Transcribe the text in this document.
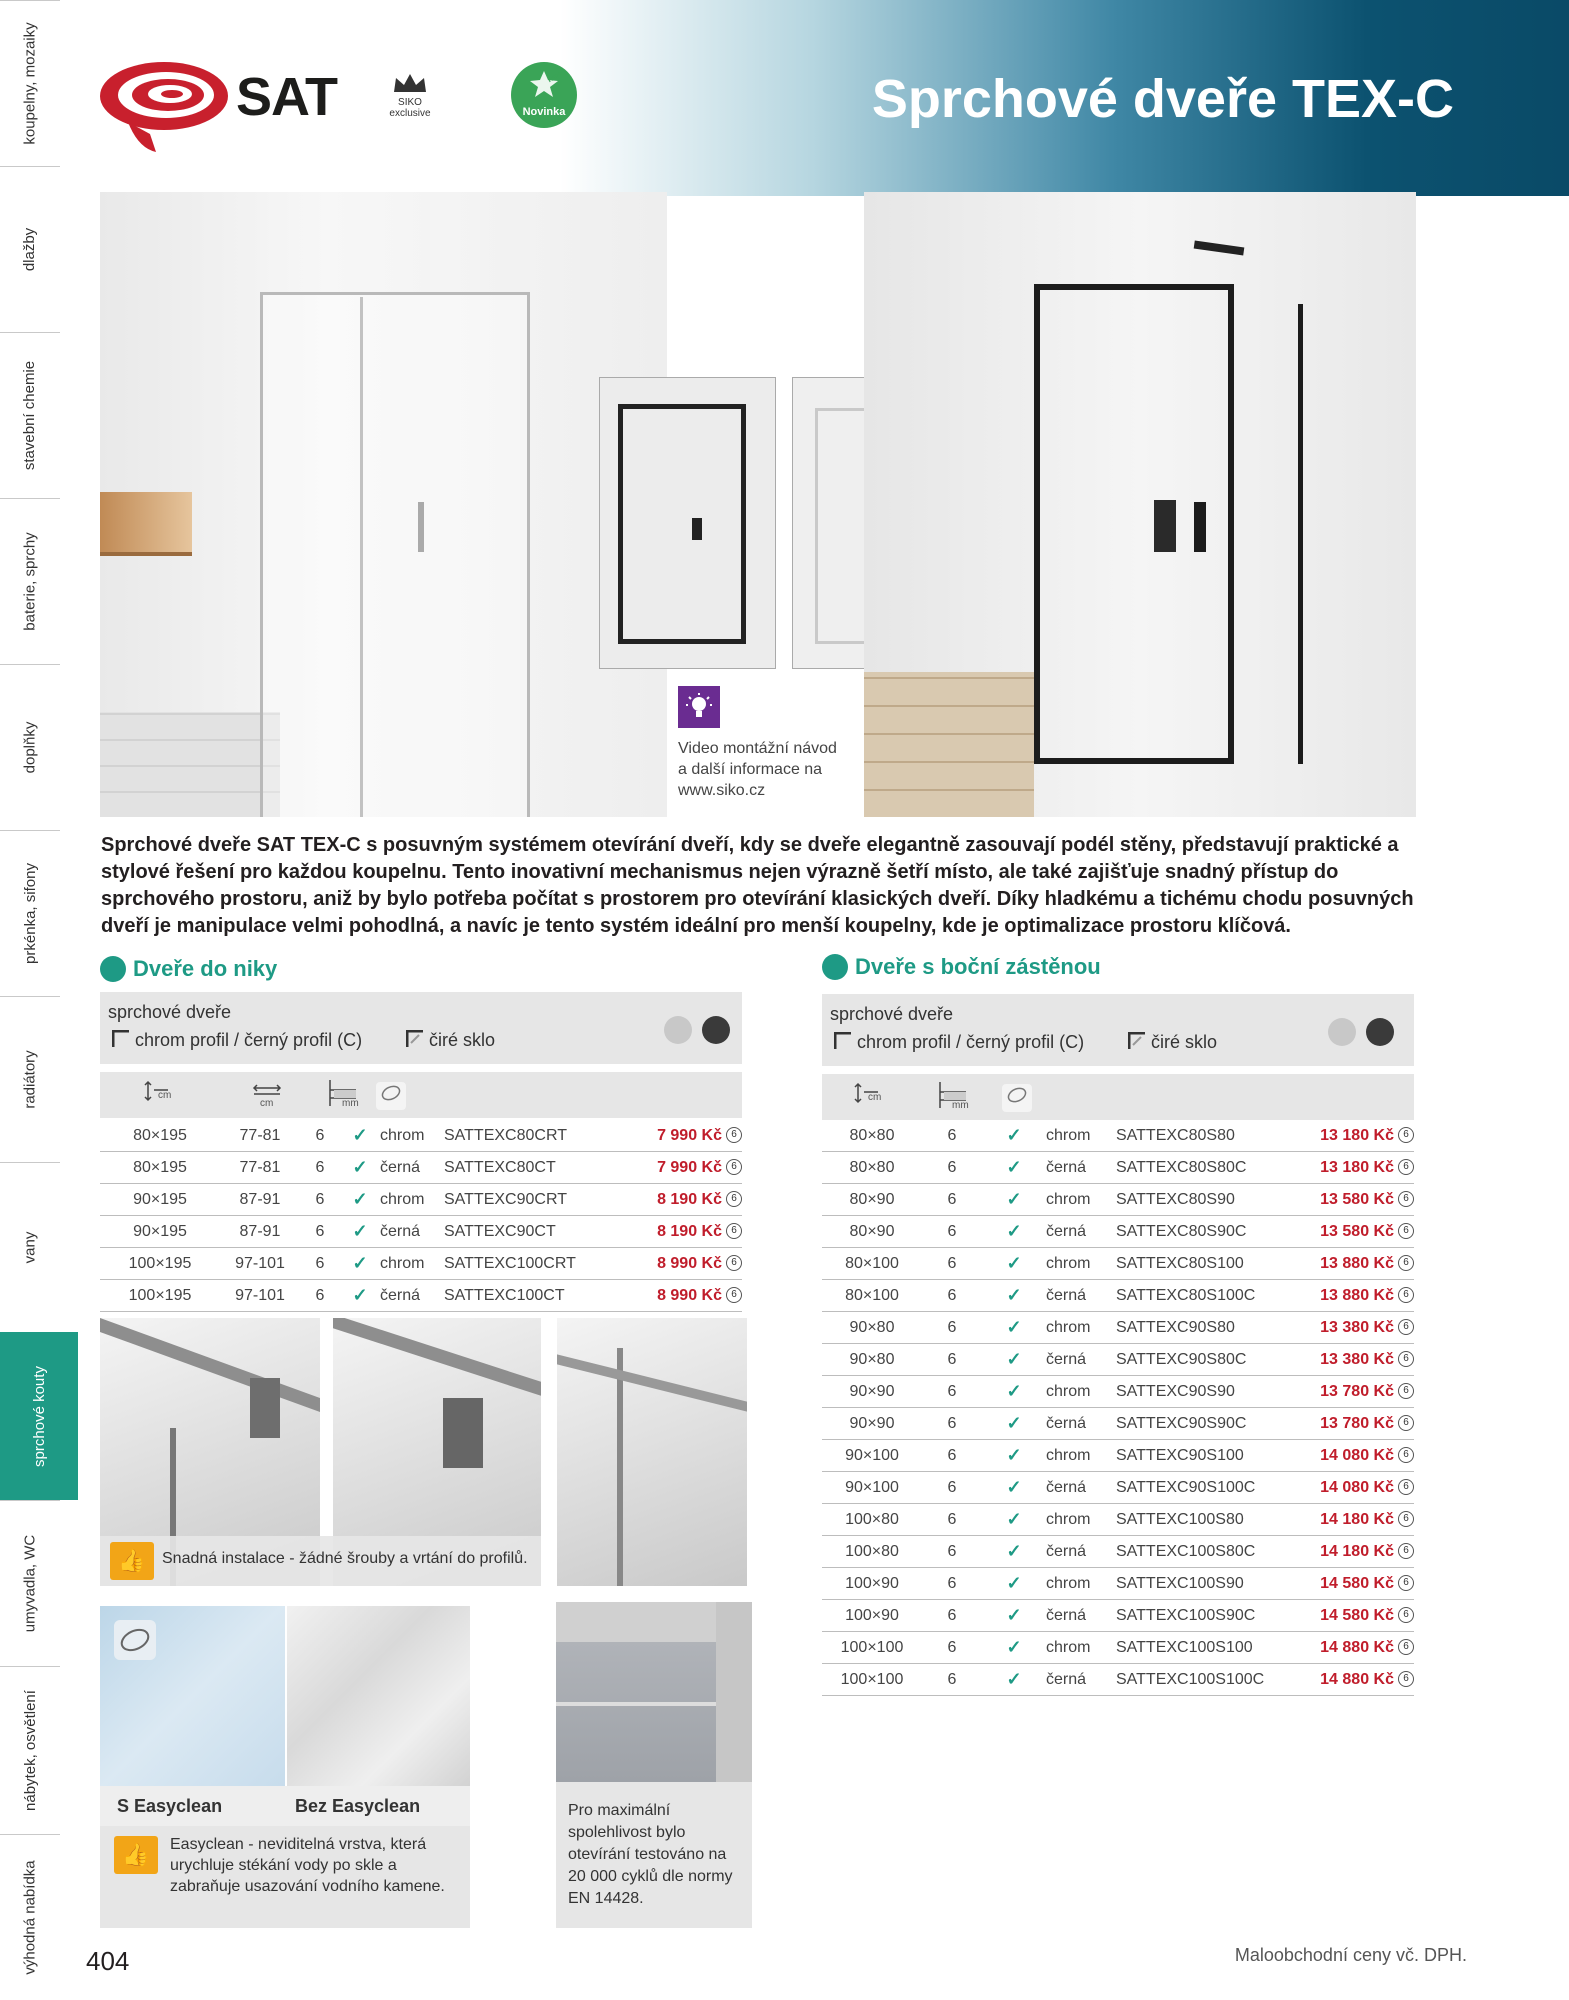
koupelny, mozaiky
dlažby
stavební chemie
baterie, sprchy
doplňky
prkénka, sifony
radiátory
vany
sprchové kouty
umyvadla, WC
nábytek, osvětlení
výhodná nabídka
Sprchové dveře TEX-C
SAT	SIKO exclusive
new
Novinka
Video montážní návod a další informace na www.siko.cz
Sprchové dveře SAT TEX-C s posuvným systémem otevírání dveří, kdy se dveře elegantně zasouvají podél stěny, představují praktické a stylové řešení pro každou koupelnu. Tento inovativní mechanismus nejen výrazně šetří místo, ale také zajišťuje snadný přístup do sprchového prostoru, aniž by bylo potřeba počítat s prostorem pro otevírání klasických dveří. Díky hladkému a tichému chodu posuvných dveří je manipulace velmi pohodlná, a navíc je tento systém ideální pro menší koupelny, kde je optimalizace prostoru klíčová.
Dveře do niky
sprchové dveře
chrom profil / černý profil (C)	čiré sklo
cm
cm	mm
80×195	77-81	6	✓	chrom	SATTEXC80CRT	7 990 Kč 6
80×195	77-81	6	✓	černá	SATTEXC80CT	7 990 Kč 6
90×195	87-91	6	✓	chrom	SATTEXC90CRT	8 190 Kč 6
90×195	87-91	6	✓	černá	SATTEXC90CT	8 190 Kč 6
100×195	97-101	6	✓	chrom	SATTEXC100CRT	8 990 Kč 6
100×195	97-101	6	✓	černá	SATTEXC100CT	8 990 Kč 6
👍	Snadná instalace - žádné šrouby a vrtání do profilů.
S Easyclean	Bez Easyclean
👍	Easyclean - neviditelná vrstva, která urychluje stékání vody po skle a zabraňuje usazování vodního kamene.
Pro maximální spolehlivost bylo otevírání testováno na 20 000 cyklů dle normy EN 14428.
Dveře s boční zástěnou
sprchové dveře
chrom profil / černý profil (C)	čiré sklo
cm
mm
80×80	6	✓	chrom	SATTEXC80S80	13 180 Kč 6
80×80	6	✓	černá	SATTEXC80S80C	13 180 Kč 6
80×90	6	✓	chrom	SATTEXC80S90	13 580 Kč 6
80×90	6	✓	černá	SATTEXC80S90C	13 580 Kč 6
80×100	6	✓	chrom	SATTEXC80S100	13 880 Kč 6
80×100	6	✓	černá	SATTEXC80S100C	13 880 Kč 6
90×80	6	✓	chrom	SATTEXC90S80	13 380 Kč 6
90×80	6	✓	černá	SATTEXC90S80C	13 380 Kč 6
90×90	6	✓	chrom	SATTEXC90S90	13 780 Kč 6
90×90	6	✓	černá	SATTEXC90S90C	13 780 Kč 6
90×100	6	✓	chrom	SATTEXC90S100	14 080 Kč 6
90×100	6	✓	černá	SATTEXC90S100C	14 080 Kč 6
100×80	6	✓	chrom	SATTEXC100S80	14 180 Kč 6
100×80	6	✓	černá	SATTEXC100S80C	14 180 Kč 6
100×90	6	✓	chrom	SATTEXC100S90	14 580 Kč 6
100×90	6	✓	černá	SATTEXC100S90C	14 580 Kč 6
100×100	6	✓	chrom	SATTEXC100S100	14 880 Kč 6
100×100	6	✓	černá	SATTEXC100S100C	14 880 Kč 6
404	Maloobchodní ceny vč. DPH.
